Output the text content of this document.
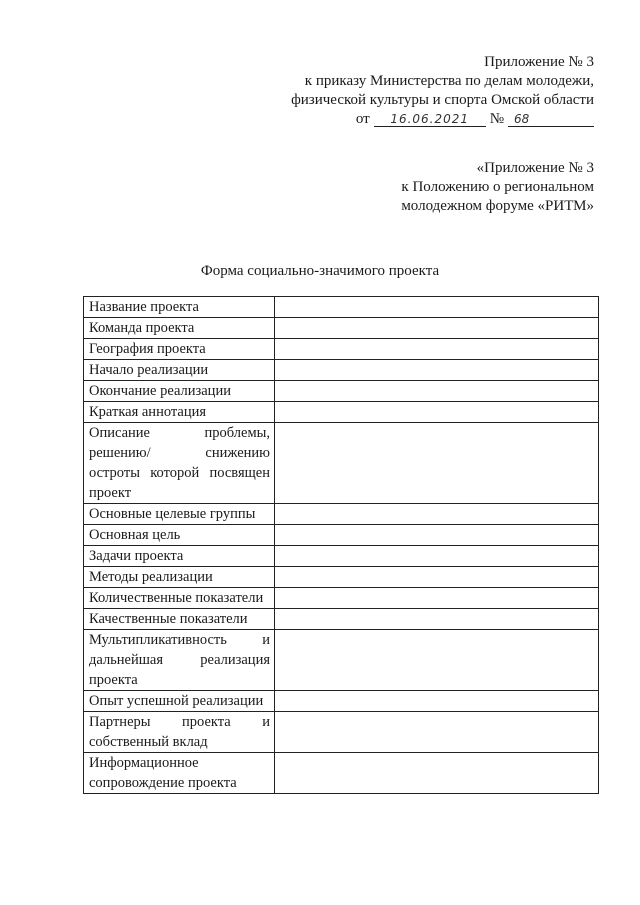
Приложение № 3
к приказу Министерства по делам молодежи,
физической культуры и спорта Омской области
от	16.06.2021	№ 68
«Приложение № 3
к Положению о региональном
молодежном форуме «РИТМ»
Форма социально-значимого проекта
Название проекта	
Команда проекта	
География проекта	
Начало реализации	
Окончание реализации	
Краткая аннотация	
Описание проблемы, решению/ снижению остроты которой посвящен проект	
Основные целевые группы	
Основная цель	
Задачи проекта	
Методы реализации	
Количественные показатели	
Качественные показатели	
Мультипликативность и дальнейшая реализация проекта	
Опыт успешной реализации	
Партнеры проекта и собственный вклад	
Информационное сопровождение проекта	
